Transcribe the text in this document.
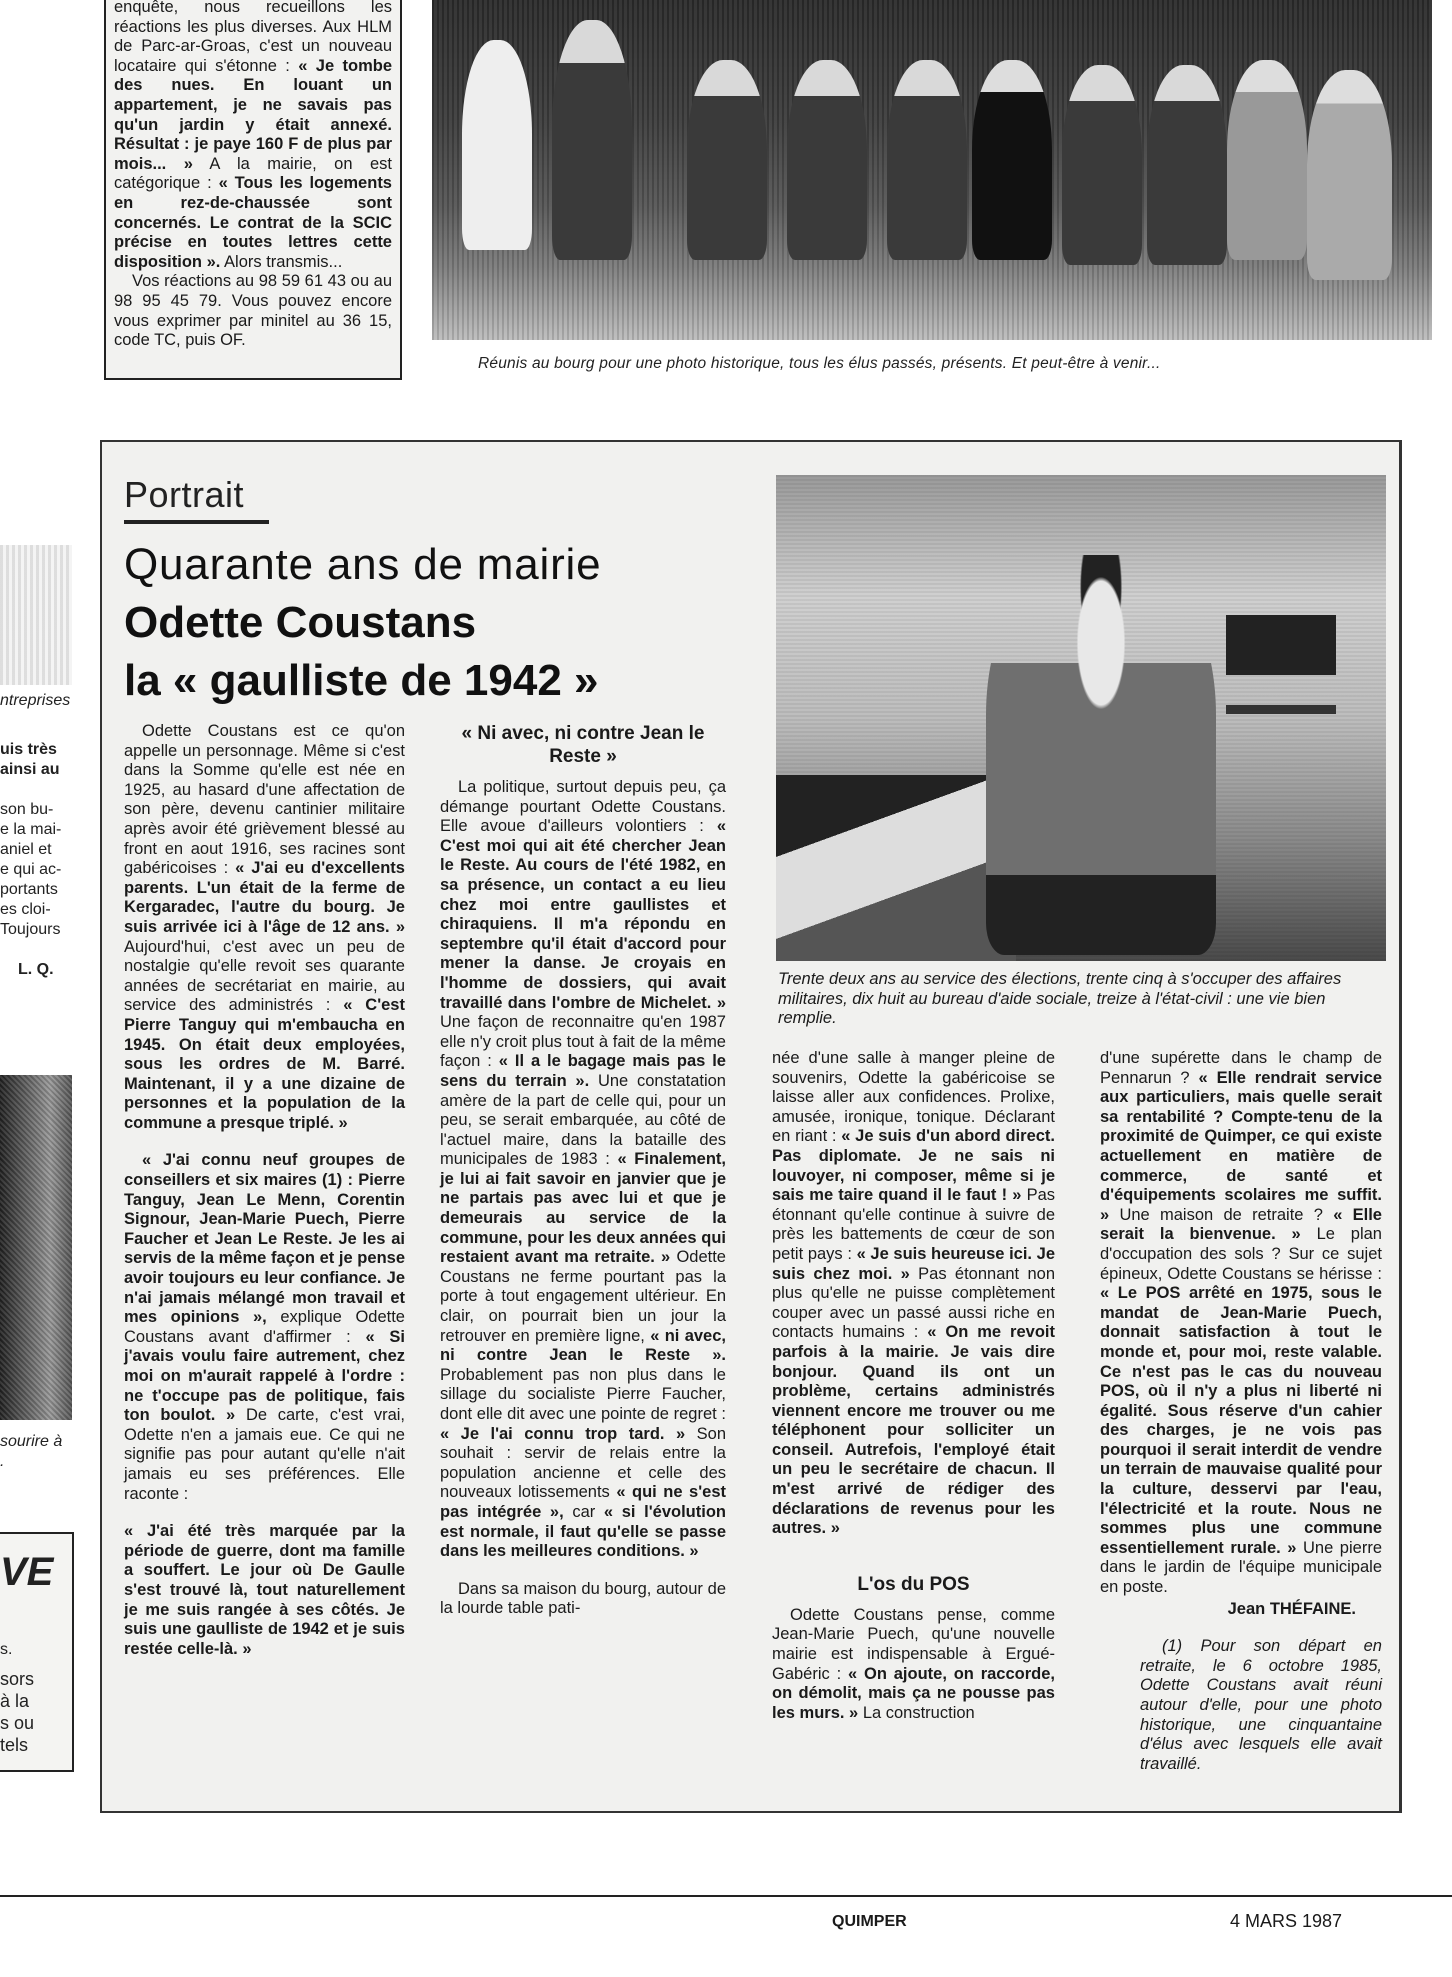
enquête, nous recueillons les réactions les plus diverses. Aux HLM de Parc-ar-Groas, c'est un nouveau locataire qui s'étonne : « Je tombe des nues. En louant un appartement, je ne savais pas qu'un jardin y était annexé. Résultat : je paye 160 F de plus par mois... » A la mairie, on est catégorique : « Tous les logements en rez-de-chaussée sont concernés. Le contrat de la SCIC précise en toutes lettres cette disposition ». Alors transmis...

Vos réactions au 98 59 61 43 ou au 98 95 45 79. Vous pouvez encore vous exprimer par minitel au 36 15, code TC, puis OF.

Réunis au bourg pour une photo historique, tous les élus passés, présents. Et peut-être à venir...
ntreprises
uis très
ainsi au
son bu-
e la mai-
aniel et
e qui ac-
portants
es cloi-
Toujours
L. Q.
sourire à
.
VE
s.
sors
à la
s ou
tels
Portrait
Quarante ans de mairie
Odette Coustans
la « gaulliste de 1942 »

Odette Coustans est ce qu'on appelle un personnage. Même si c'est dans la Somme qu'elle est née en 1925, au hasard d'une affectation de son père, devenu cantinier militaire après avoir été grièvement blessé au front en aout 1916, ses racines sont gabéricoises : « J'ai eu d'excellents parents. L'un était de la ferme de Kergaradec, l'autre du bourg. Je suis arrivée ici à l'âge de 12 ans. » Aujourd'hui, c'est avec un peu de nostalgie qu'elle revoit ses quarante années de secrétariat en mairie, au service des administrés : « C'est Pierre Tanguy qui m'embaucha en 1945. On était deux employées, sous les ordres de M. Barré. Maintenant, il y a une dizaine de personnes et la population de la commune a presque triplé. »

« J'ai connu neuf groupes de conseillers et six maires (1) : Pierre Tanguy, Jean Le Menn, Corentin Signour, Jean-Marie Puech, Pierre Faucher et Jean Le Reste. Je les ai servis de la même façon et je pense avoir toujours eu leur confiance. Je n'ai jamais mélangé mon travail et mes opinions », explique Odette Coustans avant d'affirmer : « Si j'avais voulu faire autrement, chez moi on m'aurait rappelé à l'ordre : ne t'occupe pas de politique, fais ton boulot. » De carte, c'est vrai, Odette n'en a jamais eue. Ce qui ne signifie pas pour autant qu'elle n'ait jamais eu ses préférences. Elle raconte :

« J'ai été très marquée par la période de guerre, dont ma famille a souffert. Le jour où De Gaulle s'est trouvé là, tout naturellement je me suis rangée à ses côtés. Je suis une gaulliste de 1942 et je suis restée celle-là. »

« Ni avec, ni contre Jean le Reste »

La politique, surtout depuis peu, ça démange pourtant Odette Coustans. Elle avoue d'ailleurs volontiers : « C'est moi qui ait été chercher Jean le Reste. Au cours de l'été 1982, en sa présence, un contact a eu lieu chez moi entre gaullistes et chiraquiens. Il m'a répondu en septembre qu'il était d'accord pour mener la danse. Je croyais en l'homme de dossiers, qui avait travaillé dans l'ombre de Michelet. » Une façon de reconnaitre qu'en 1987 elle n'y croit plus tout à fait de la même façon : « Il a le bagage mais pas le sens du terrain ». Une constatation amère de la part de celle qui, pour un peu, se serait embarquée, au côté de l'actuel maire, dans la bataille des municipales de 1983 : « Finalement, je lui ai fait savoir en janvier que je ne partais pas avec lui et que je demeurais au service de la commune, pour les deux années qui restaient avant ma retraite. » Odette Coustans ne ferme pourtant pas la porte à tout engagement ultérieur. En clair, on pourrait bien un jour la retrouver en première ligne, « ni avec, ni contre Jean le Reste ». Probablement pas non plus dans le sillage du socialiste Pierre Faucher, dont elle dit avec une pointe de regret : « Je l'ai connu trop tard. » Son souhait : servir de relais entre la population ancienne et celle des nouveaux lotissements « qui ne s'est pas intégrée », car « si l'évolution est normale, il faut qu'elle se passe dans les meilleures conditions. »

Dans sa maison du bourg, autour de la lourde table pati-

Trente deux ans au service des élections, trente cinq à s'occuper des affaires militaires, dix huit au bureau d'aide sociale, treize à l'état-civil : une vie bien remplie.

née d'une salle à manger pleine de souvenirs, Odette la gabéricoise se laisse aller aux confidences. Prolixe, amusée, ironique, tonique. Déclarant en riant : « Je suis d'un abord direct. Pas diplomate. Je ne sais ni louvoyer, ni composer, même si je sais me taire quand il le faut ! » Pas étonnant qu'elle continue à suivre de près les battements de cœur de son petit pays : « Je suis heureuse ici. Je suis chez moi. » Pas étonnant non plus qu'elle ne puisse complètement couper avec un passé aussi riche en contacts humains : « On me revoit parfois à la mairie. Je vais dire bonjour. Quand ils ont un problème, certains administrés viennent encore me trouver ou me téléphonent pour solliciter un conseil. Autrefois, l'employé était un peu le secrétaire de chacun. Il m'est arrivé de rédiger des déclarations de revenus pour les autres. »

L'os du POS

Odette Coustans pense, comme Jean-Marie Puech, qu'une nouvelle mairie est indispensable à Ergué-Gabéric : « On ajoute, on raccorde, on démolit, mais ça ne pousse pas les murs. » La construction

d'une supérette dans le champ de Pennarun ? « Elle rendrait service aux particuliers, mais quelle serait sa rentabilité ? Compte-tenu de la proximité de Quimper, ce qui existe actuellement en matière de commerce, de santé et d'équipements scolaires me suffit. » Une maison de retraite ? « Elle serait la bienvenue. » Le plan d'occupation des sols ? Sur ce sujet épineux, Odette Coustans se hérisse : « Le POS arrêté en 1975, sous le mandat de Jean-Marie Puech, donnait satisfaction à tout le monde et, pour moi, reste valable. Ce n'est pas le cas du nouveau POS, où il n'y a plus ni liberté ni égalité. Sous réserve d'un cahier des charges, je ne vois pas pourquoi il serait interdit de vendre un terrain de mauvaise qualité pour la culture, desservi par l'eau, l'électricité et la route. Nous ne sommes plus une commune essentiellement rurale. » Une pierre dans le jardin de l'équipe municipale en poste.

Jean THÉFAINE.

(1) Pour son départ en retraite, le 6 octobre 1985, Odette Coustans avait réuni autour d'elle, pour une photo historique, une cinquantaine d'élus avec lesquels elle avait travaillé.

QUIMPER	4 MARS 1987
